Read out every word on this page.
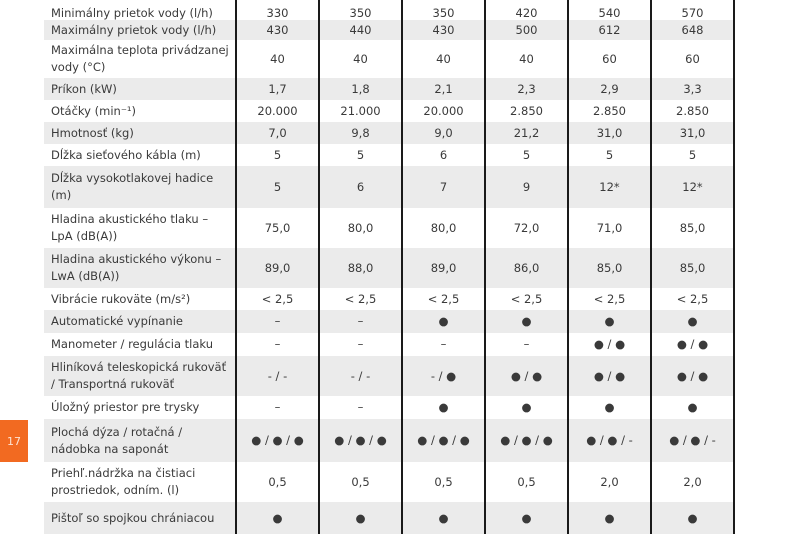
Minimálny prietok vody (l/h)	330	350	350	420	540	570
Maximálny prietok vody (l/h)	430	440	430	500	612	648
Maximálna teplota privádzanej vody (°C)	40	40	40	40	60	60
Príkon (kW)	1,7	1,8	2,1	2,3	2,9	3,3
Otáčky (min⁻¹)	20.000	21.000	20.000	2.850	2.850	2.850
Hmotnosť (kg)	7,0	9,8	9,0	21,2	31,0	31,0
Dĺžka sieťového kábla (m)	5	5	6	5	5	5
Dĺžka vysokotlakovej hadice (m)	5	6	7	9	12*	12*
Hladina akustického tlaku – LpA (dB(A))	75,0	80,0	80,0	72,0	71,0	85,0
Hladina akustického výkonu – LwA (dB(A))	89,0	88,0	89,0	86,0	85,0	85,0
Vibrácie rukoväte (m/s²)	< 2,5	< 2,5	< 2,5	< 2,5	< 2,5	< 2,5
Automatické vypínanie	–	–	●	●	●	●
Manometer / regulácia tlaku	–	–	–	–	● / ●	● / ●
Hliníková teleskopická rukoväť / Transportná rukoväť	- / -	- / -	- / ●	● / ●	● / ●	● / ●
Úložný priestor pre trysky	–	–	●	●	●	●
Plochá dýza / rotačná / nádobka na saponát	● / ● / ●	● / ● / ●	● / ● / ●	● / ● / ●	● / ● / -	● / ● / -
Priehľ.nádržka na čistiaci prostriedok, odním. (l)	0,5	0,5	0,5	0,5	2,0	2,0
Pištoľ so spojkou chrániacou	●	●	●	●	●	●
17
